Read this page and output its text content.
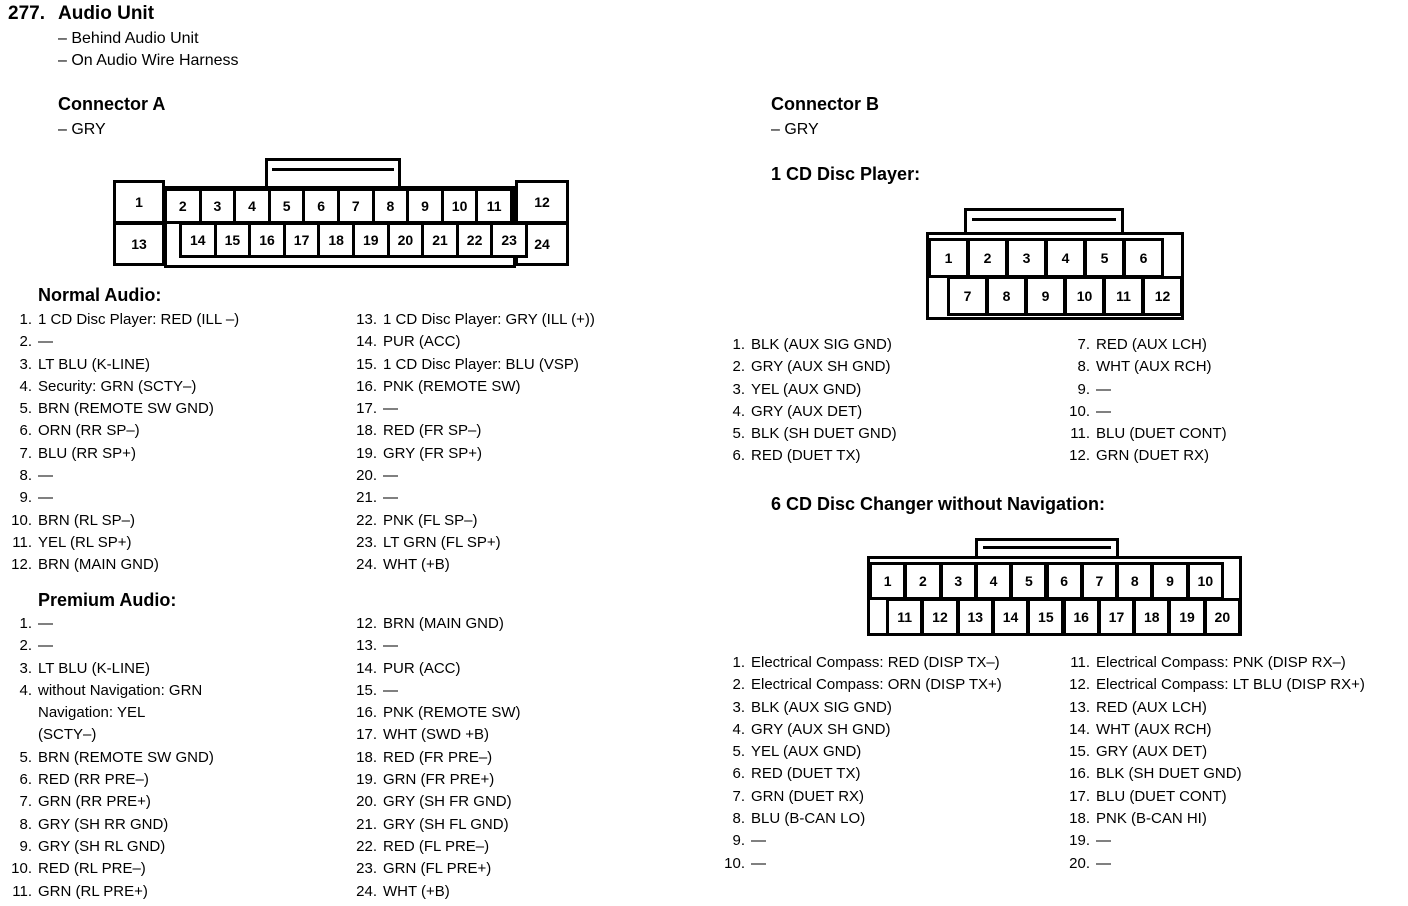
277. Audio Unit
– Behind Audio Unit
– On Audio Wire Harness
Connector A
– GRY
1
13
12
24
2	3	4	5	6	7	8	9	10	11
14	15	16	17	18	19	20	21	22	23
Normal Audio:
1. 1 CD Disc Player: RED (ILL –)
2. —
3. LT BLU (K-LINE)
4. Security: GRN (SCTY–)
5. BRN (REMOTE SW GND)
6. ORN (RR SP–)
7. BLU (RR SP+)
8. —
9. —
10. BRN (RL SP–)
11. YEL (RL SP+)
12. BRN (MAIN GND)
13. 1 CD Disc Player: GRY (ILL (+))
14. PUR (ACC)
15. 1 CD Disc Player: BLU (VSP)
16. PNK (REMOTE SW)
17. —
18. RED (FR SP–)
19. GRY (FR SP+)
20. —
21. —
22. PNK (FL SP–)
23. LT GRN (FL SP+)
24. WHT (+B)
Premium Audio:
1. —
2. —
3. LT BLU (K-LINE)
4. without Navigation: GRN
Navigation: YEL
(SCTY–)
5. BRN (REMOTE SW GND)
6. RED (RR PRE–)
7. GRN (RR PRE+)
8. GRY (SH RR GND)
9. GRY (SH RL GND)
10. RED (RL PRE–)
11. GRN (RL PRE+)
12. BRN (MAIN GND)
13. —
14. PUR (ACC)
15. —
16. PNK (REMOTE SW)
17. WHT (SWD +B)
18. RED (FR PRE–)
19. GRN (FR PRE+)
20. GRY (SH FR GND)
21. GRY (SH FL GND)
22. RED (FL PRE–)
23. GRN (FL PRE+)
24. WHT (+B)
Connector B
– GRY
1 CD Disc Player:
1	2	3	4	5	6
7	8	9	10	11	12
1. BLK (AUX SIG GND)
2. GRY (AUX SH GND)
3. YEL (AUX GND)
4. GRY (AUX DET)
5. BLK (SH DUET GND)
6. RED (DUET TX)
7. RED (AUX LCH)
8. WHT (AUX RCH)
9. —
10. —
11. BLU (DUET CONT)
12. GRN (DUET RX)
6 CD Disc Changer without Navigation:
1	2	3	4	5	6	7	8	9	10
11	12	13	14	15	16	17	18	19	20
1. Electrical Compass: RED (DISP TX–)
2. Electrical Compass: ORN (DISP TX+)
3. BLK (AUX SIG GND)
4. GRY (AUX SH GND)
5. YEL (AUX GND)
6. RED (DUET TX)
7. GRN (DUET RX)
8. BLU (B-CAN LO)
9. —
10. —
11. Electrical Compass: PNK (DISP RX–)
12. Electrical Compass: LT BLU (DISP RX+)
13. RED (AUX LCH)
14. WHT (AUX RCH)
15. GRY (AUX DET)
16. BLK (SH DUET GND)
17. BLU (DUET CONT)
18. PNK (B-CAN HI)
19. —
20. —
